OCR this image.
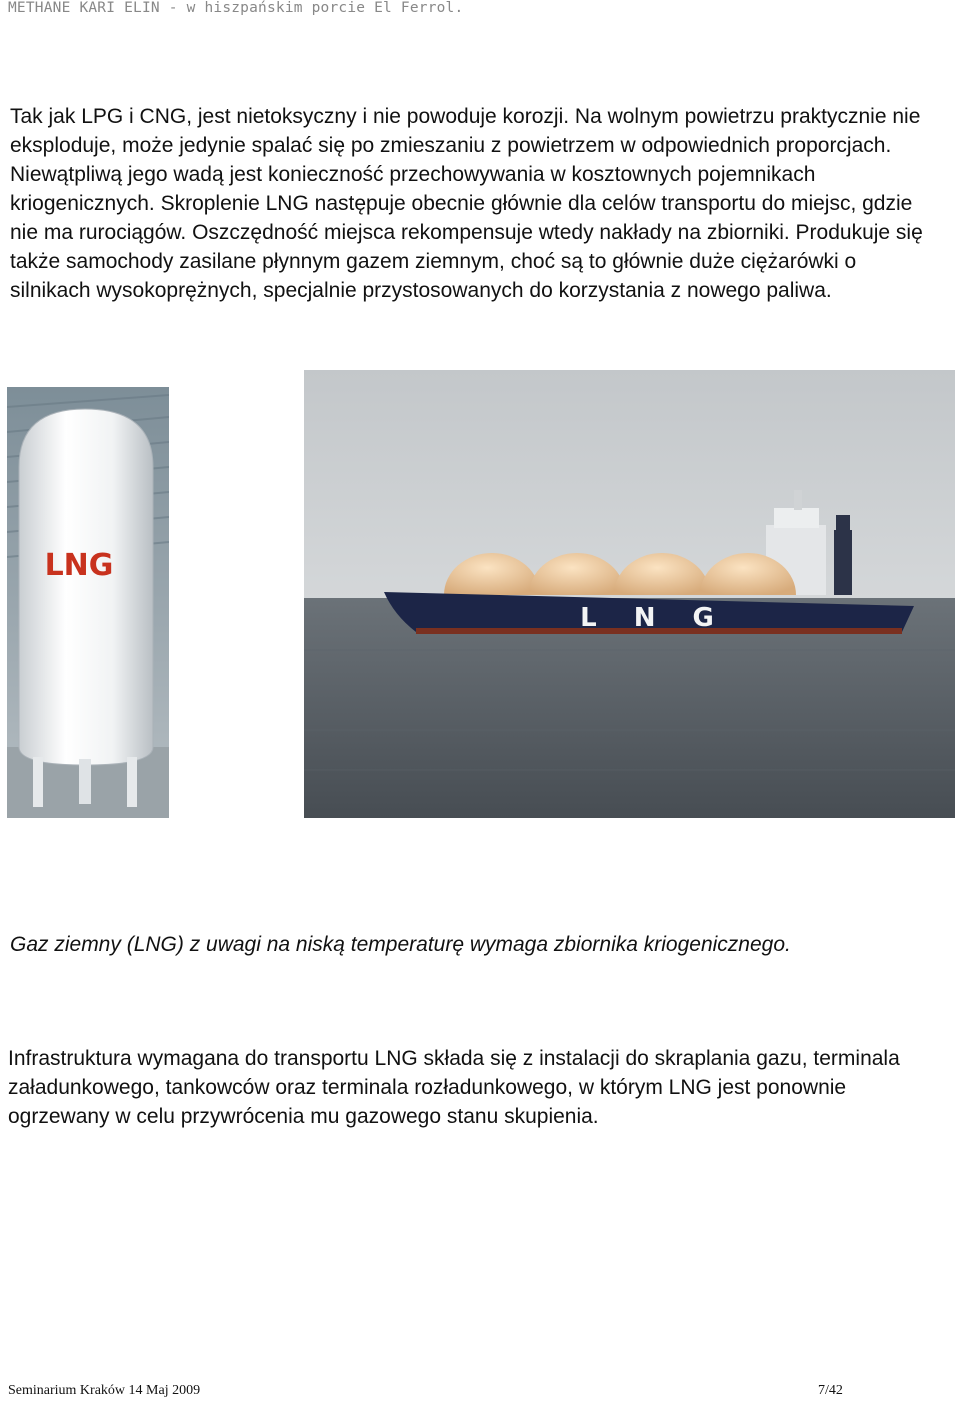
METHANE KARI ELIN - w hiszpańskim porcie El Ferrol.

Tak jak LPG i CNG, jest nietoksyczny i nie powoduje korozji. Na wolnym powietrzu praktycznie nie eksploduje, może jedynie spalać się po zmieszaniu z powietrzem w odpowiednich proporcjach. Niewątpliwą jego wadą jest konieczność przechowywania w kosztownych pojemnikach kriogenicznych. Skroplenie LNG następuje obecnie głównie dla celów transportu do miejsc, gdzie nie ma rurociągów. Oszczędność miejsca rekompensuje wtedy nakłady na zbiorniki. Produkuje się także samochody zasilane płynnym gazem ziemnym, choć są to głównie duże ciężarówki o silnikach wysokoprężnych, specjalnie przystosowanych do korzystania z nowego paliwa.

LNG
L N G

Gaz ziemny (LNG) z uwagi na niską temperaturę wymaga zbiornika kriogenicznego.

Infrastruktura wymagana do transportu LNG składa się z instalacji do skraplania gazu, terminala załadunkowego, tankowców oraz terminala rozładunkowego, w którym LNG jest ponownie ogrzewany w celu przywrócenia mu gazowego stanu skupienia.

Seminarium Kraków 14 Maj 2009	7/42
